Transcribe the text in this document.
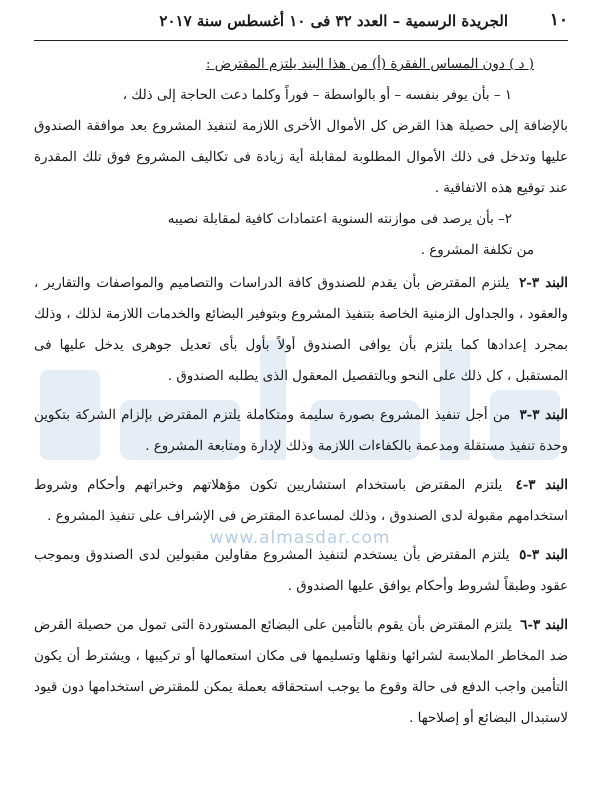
www.almasdar.com
١٠
الجريدة الرسمية – العدد ٣٢ فى ١٠ أغسطس سنة ٢٠١٧

( د ) دون المساس الفقرة (أ) من هذا البند يلتزم المقترض :

١ – بأن يوفر بنفسه – أو بالواسطة – فوراً وكلما دعت الحاجة إلى ذلك ،

بالإضافة إلى حصيلة هذا القرض كل الأموال الأخرى اللازمة لتنفيذ المشروع بعد موافقة الصندوق عليها وتدخل فى ذلك الأموال المطلوبة لمقابلة أية زيادة فى تكاليف المشروع فوق تلك المقدرة عند توقيع هذه الاتفاقية .

٢– بأن يرصد فى موازنته السنوية اعتمادات كافية لمقابلة نصيبه

من تكلفة المشروع .

البند ٣-٢ يلتزم المقترض بأن يقدم للصندوق كافة الدراسات والتصاميم والمواصفات والتقارير ، والعقود ، والجداول الزمنية الخاصة بتنفيذ المشروع وبتوفير البضائع والخدمات اللازمة لذلك ، وذلك بمجرد إعدادها كما يلتزم بأن يوافى الصندوق أولاً بأول بأى تعديل جوهرى يدخل عليها فى المستقبل ، كل ذلك على النحو وبالتفصيل المعقول الذى يطلبه الصندوق .

البند ٣-٣ من أجل تنفيذ المشروع بصورة سليمة ومتكاملة يلتزم المقترض بإلزام الشركة بتكوين وحدة تنفيذ مستقلة ومدعمة بالكفاءات اللازمة وذلك لإدارة ومتابعة المشروع .

البند ٣-٤ يلتزم المقترض باستخدام استشاريين تكون مؤهلاتهم وخبراتهم وأحكام وشروط استخدامهم مقبولة لدى الصندوق ، وذلك لمساعدة المقترض فى الإشراف على تنفيذ المشروع .

البند ٣-٥ يلتزم المقترض بأن يستخدم لتنفيذ المشروع مقاولين مقبولين لدى الصندوق وبموجب عقود وطبقاً لشروط وأحكام يوافق عليها الصندوق .

البند ٣-٦ يلتزم المقترض بأن يقوم بالتأمين على البضائع المستوردة التى تمول من حصيلة القرض ضد المخاطر الملابسة لشرائها ونقلها وتسليمها فى مكان استعمالها أو تركيبها ، ويشترط أن يكون التأمين واجب الدفع فى حالة وقوع ما يوجب استحقاقه بعملة يمكن للمقترض استخدامها دون قيود لاستبدال البضائع أو إصلاحها .
